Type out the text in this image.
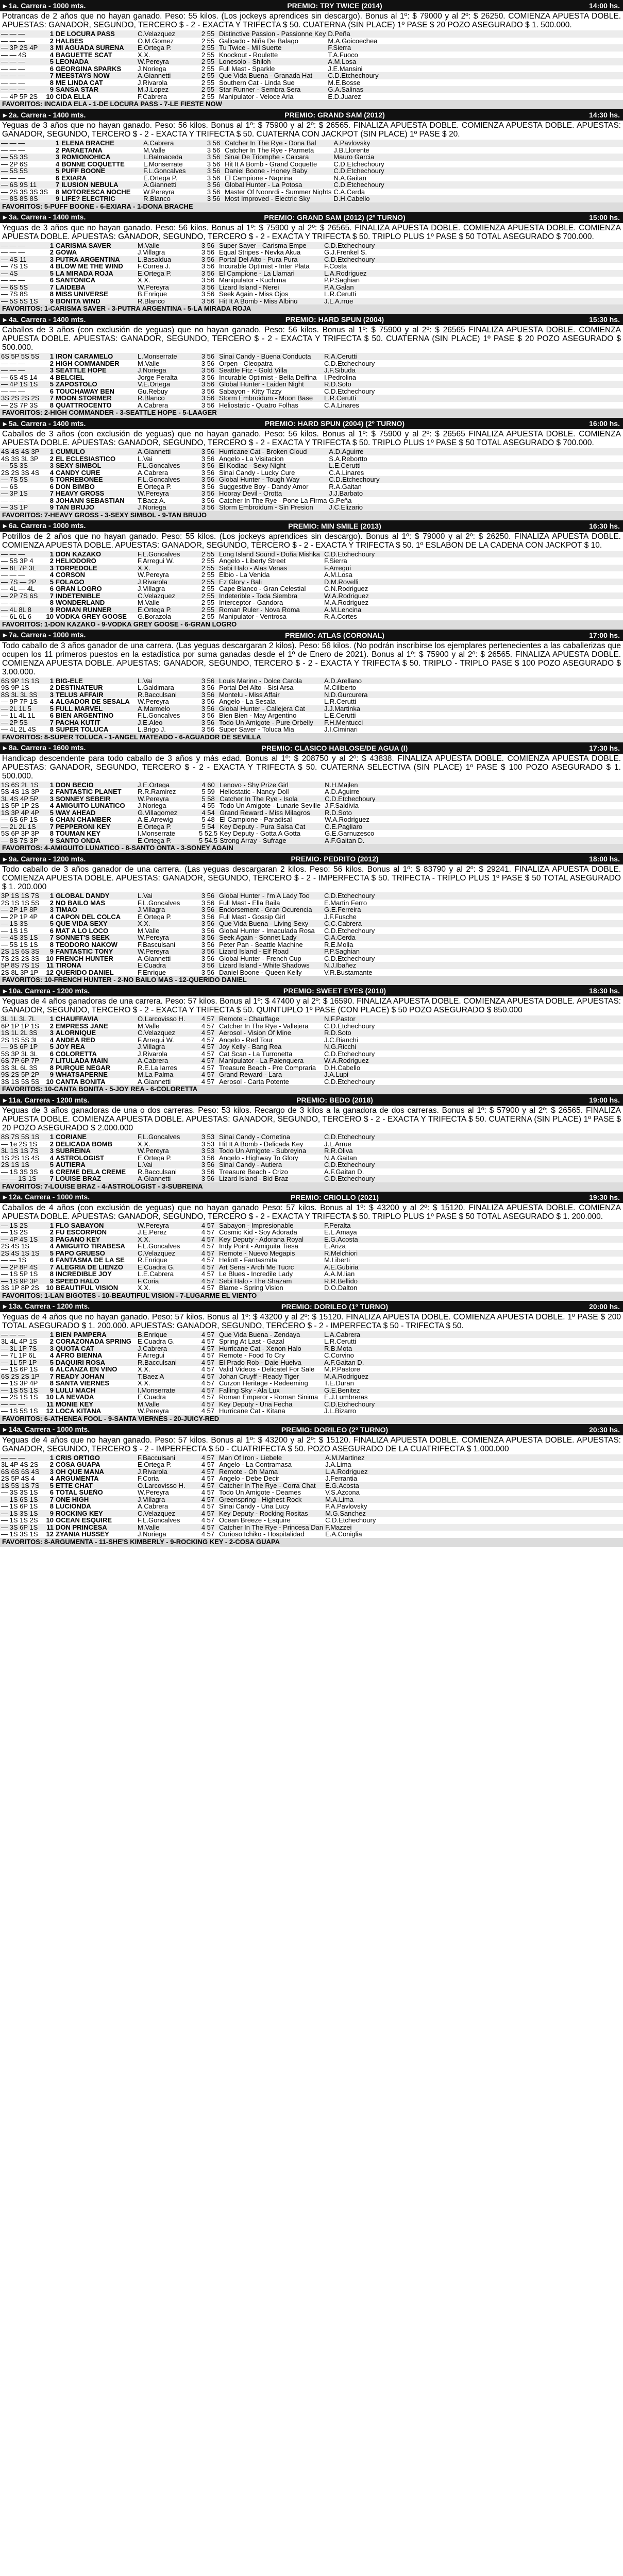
▸ 1a. Carrera - 1000 mts.	PREMIO: TRY TWICE (2014)	14:00 hs.
Potrancas de 2 años que no hayan ganado. Peso: 55 kilos. (Los jockeys aprendices sin descargo). Bonus al 1º: $ 79000 y al 2º: $ 26250. COMIENZA APUESTA DOBLE. APUESTAS: GANADOR, SEGUNDO, TERCERO $ - 2 - EXACTA Y TRIFECTA $ 50. CUATERNA (SIN PLACE) 1º PASE $ 20 POZO ASEGURADO $ 1. 500.000.
— — —	1	DE LOCURA PASS	C.Velazquez	2 55	Distinctive Passion - Passionne Key	D.Peña
— — —	2	HALBES	O.M.Gomez	2 55	Galicado - Niña De Balago	M.A.Goicoechea
— 3P 2S 4P	3	MI AGUADA SURENA	E.Ortega P.	2 55	Tu Twice - Mil Suerte	F.Sierra
— — 4S	4	BAGUETTE SCAT	X.X.	2 55	Knockout - Roulette	T.A.Fuoco
— — —	5	LEONADA	W.Pereyra	2 55	Lonesolo - Shiloh	A.M.Losa
— — —	6	GEORGINA SPARKS	J.Noriega	2 55	Full Mast - Sparkle	J.E.Mansini
— — —	7	MEESTAYS NOW	A.Giannetti	2 55	Que Vida Buena - Granada Hat	C.D.Etchechoury
— — —	8	ME LINDA CAT	J.Rivarola	2 55	Southern Cat - Linda Sue	M.E.Bosse
— — —	9	SANSA STAR	M.J.Lopez	2 55	Star Runner - Sembra Sera	G.A.Salinas
— 4P 5P 2S	10	CIDA ELLA	F.Cabrera	2 55	Manipulator - Veloce Aria	E.D.Juarez
FAVORITOS: INCAIDA ELA - 1-DE LOCURA PASS - 7-LE FIESTE NOW
▸ 2a. Carrera - 1400 mts.	PREMIO: GRAND SAM (2012)	14:30 hs.
Yeguas de 3 años que no hayan ganado. Peso: 56 kilos. Bonus al 1º: $ 75900 y al 2º: $ 26565. FINALIZA APUESTA DOBLE. COMIENZA APUESTA DOBLE. APUESTAS: GANADOR, SEGUNDO, TERCERO $ - 2 - EXACTA Y TRIFECTA $ 50. CUATERNA CON JACKPOT (SIN PLACE) 1º PASE $ 20.
— — —	1	ELENA BRACHE	A.Cabrera	3 56	Catcher In The Rye - Dona Bal	A.Pavlovsky
— — —	2	PARAETANA	M.Valle	3 56	Catcher In The Rye - Parmeta	J.B.Llorente
— 5S 3S	3	ROMIONOHICA	L.Balmaceda	3 56	Sinai De Triomphe - Caicara	Mauro Garcia
— 2P 6S	4	BONNE COQUETTE	L.Monserrate	3 56	Hit It A Bomb - Grand Coquette	C.D.Etchechoury
— 5S 5S	5	PUFF BOONE	F.L.Goncalves	3 56	Daniel Boone - Honey Baby	C.D.Etchechoury
— — —	6	EXIARA	E.Ortega P.	3 56	El Campione - Naprina	N.A.Gaitan
— 6S 9S 11	7	ILUSION NEBULA	A.Giannetti	3 56	Global Hunter - La Potosa	C.D.Etchechoury
— 2S 3S 3S 3S	8	MOTORESCA NOCHE	W.Pereyra	3 56	Master Of Noonrdi - Summer Nights	C.A.Cerda
— 8S 8S 8S	9	LIFE? ELECTRIC	R.Blanco	3 56	Most Improved - Electric Sky	D.H.Cabello
FAVORITOS: 5-PUFF BOONE - 6-EXIARA - 1-DONA BRACHE
▸ 3a. Carrera - 1400 mts.	PREMIO: GRAND SAM (2012) (2º TURNO)	15:00 hs.
Yeguas de 3 años que no hayan ganado. Peso: 56 kilos. Bonus al 1º: $ 75900 y al 2º: $ 26565. FINALIZA APUESTA DOBLE. COMIENZA APUESTA DOBLE. COMIENZA APUESTA DOBLE. APUESTAS: GANADOR, SEGUNDO, TERCERO $ - 2 - EXACTA Y TRIFECTA $ 50. TRIPLO PLUS 1º PASE $ 50 TOTAL ASEGURADO $ 700.000.
— — —	1	CARISMA SAVER	M.Valle	3 56	Super Saver - Carisma Empe	C.D.Etchechoury
— — —	2	GOWA	J.Villagra	3 56	Equal Stripes - Nevka Akua	G.J.Frenkel S.
— 4S 11	3	PUTRA ARGENTINA	L.Basaldua	3 56	Portal Del Alto - Pura Pura	C.D.Etchechoury
— 7S 1S	4	BLOW ME THE WIND	F.Correa J.	3 56	Incurable Optimist - Inter Plata	F.Costa
— 4S	5	LA MIRADA ROJA	E.Ortega P.	3 56	El Campione - La Llamari	L.A.Rodriguez
— — —	6	SANTONICA	X.X.	3 56	Manipulator - Kuchima	P.P.Saghian
— 6S 5S	7	LAIDEBA	W.Pereyra	3 56	Lizard Island - Nerei	P.A.Galan
— 7S 8S	8	MISS UNIVERSE	B.Enrique	3 56	Seek Again - Miss Ojos	L.R.Cerutti
— 5S 5S 1S	9	BONITA WIND	R.Blanco	3 56	Hit It A Bomb - Miss Albinu	J.L.A.rrue
FAVORITOS: 1-CARISMA SAVER - 3-PUTRA ARGENTINA - 5-LA MIRADA ROJA
▸ 4a. Carrera - 1400 mts.	PREMIO: HARD SPUN (2004)	15:30 hs.
Caballos de 3 años (con exclusión de yeguas) que no hayan ganado. Peso: 56 kilos. Bonus al 1º: $ 75900 y al 2º: $ 26565 FINALIZA APUESTA DOBLE. COMIENZA APUESTA DOBLE. APUESTAS: GANADOR, SEGUNDO, TERCERO $ - 2 - EXACTA Y TRIFECTA $ 50. CUATERNA (SIN PLACE) 1º PASE $ 20 POZO ASEGURADO $ 500.000.
6S 5P 5S 5S	1	IRON CARAMELO	L.Monserrate	3 56	Sinai Candy - Buena Conducta	R.A.Cerutti
— — —	2	HIGH COMMANDER	M.Valle	3 56	Orpen - Cleopatra	C.D.Etchechoury
— — —	3	SEATTLE HOPE	J.Noriega	3 56	Seattle Fitz - Gold Villa	J.F.Sibuda
— 6S 4S 14	4	BELCIEL	Jorge Peralta	3 56	Incurable Optimist - Bella Delfina	I.Pedrolina
— 4P 1S 1S	5	ZAPOSTOLO	V.E.Ortega	3 56	Global Hunter - Laiden Night	R.D.Soto
— — —	6	TOUCHAWAY BEN	Gu.Rebuy	3 56	Sabayon - Kitty Tizzy	C.D.Etchechoury
3S 2S 2S 2S	7	MOON STORMER	R.Blanco	3 56	Storm Embroidum - Moon Base	L.R.Cerutti
— 2S 7P 3S	8	QUATTROCENTO	A.Cabrera	3 56	Heliostatic - Quatro Folhas	C.A.Linares
FAVORITOS: 2-HIGH COMMANDER - 3-SEATTLE HOPE - 5-LAAGER
▸ 5a. Carrera - 1400 mts.	PREMIO: HARD SPUN (2004) (2º TURNO)	16:00 hs.
Caballos de 3 años (con exclusión de yeguas) que no hayan ganado. Peso: 56 kilos. Bonus al 1º: $ 75900 y al 2º: $ 26565 FINALIZA APUESTA DOBLE. COMIENZA APUESTA DOBLE. APUESTAS: GANADOR, SEGUNDO, TERCERO $ - 2 - EXACTA Y TRIFECTA $ 50. TRIPLO PLUS 1º PASE $ 50 TOTAL ASEGURADO $ 700.000.
4S 4S 4S 3P	1	CUMULO	A.Giannetti	3 56	Hurricane Cat - Broken Cloud	A.D.Aguirre
4S 3S 3L 3P	2	EL ECLESIASTICO	L.Vai	3 56	Angelo - La Visitacion	S.A.Rebortto
— 5S 3S	3	SEXY SIMBOL	F.L.Goncalves	3 56	El Kodiac - Sexy Night	L.E.Cerutti
2S 2S 3S 4S	4	CANDY CURE	A.Cabrera	3 56	Sinai Candy - Lucky Cure	C.A.Linares
— 7S 5S	5	TORREBONEE	F.L.Goncalves	3 56	Global Hunter - Tough Way	C.D.Etchechoury
— 6S	6	DON BIMBO	E.Ortega P.	3 56	Suggestive Boy - Dandy Amor	R.A.Gaitan
— 3P 1S	7	HEAVY GROSS	W.Pereyra	3 56	Hooray Devil - Orotta	J.J.Barbato
— — —	8	JOHANN SEBASTIAN	T.Bacz A.	3 56	Catcher In The Rye - Pone La Firma	G.Peña
— 3S 1P	9	TAN BRUJO	J.Noriega	3 56	Storm Embroidum - Sin Presion	J.C.Elizario
FAVORITOS: 7-HEAVY GROSS - 3-SEXY SIMBOL - 9-TAN BRUJO
▸ 6a. Carrera - 1000 mts.	PREMIO: MIN SMILE (2013)	16:30 hs.
Potrillos de 2 años que no hayan ganado. Peso: 55 kilos. (Los jockeys aprendices sin descargo). Bonus al 1º: $ 79000 y al 2º: $ 26250. FINALIZA APUESTA DOBLE. COMIENZA APUESTA DOBLE. APUESTAS: GANADOR, SEGUNDO, TERCERO $ - 2 - EXACTA Y TRIFECTA $ 50. 1º ESLABON DE LA CADENA CON JACKPOT $ 10.
— — —	1	DON KAZAKO	F.L.Goncalves	2 55	Long Island Sound - Doña Mishka	C.D.Etchechoury
— 5S 3P 4	2	HELIODORO	F.Arregui W.	2 55	Angelo - Liberty Street	F.Sierra
— 8L 7P 3L	3	TORPEDOLE	X.X.	2 55	Sebi Halo - Alas Venas	F.Arregui
— — —	4	CORSON	W.Pereyra	2 55	Elbio - La Venida	A.M.Losa
— 7S — 2P	5	FOLAGO	J.Rivarola	2 55	Ez Glory - Bali	D.M.Rovelli
— 4L — 4L	6	GRAN LOGRO	J.Villagra	2 55	Cape Blanco - Gran Celestial	C.N.Rodriguez
— 2P 7S 6S	7	INDETENIBLE	C.Velazquez	2 55	Indeterible - Toda Siembra	W.A.Rodriguez
— — —	8	WONDERLAND	M.Valle	2 55	Interceptor - Gandora	M.A.Rodriguez
— 4L 8L 8	9	ROMAN RUNNER	E.Ortega P.	2 55	Roman Ruler - Nova Roma	A.M.Lencina
— 6L 6L 6	10	VODKA GREY GOOSE	G.Borazola	2 55	Manipulator - Ventrosa	R.A.Cortes
FAVORITOS: 1-DON KAZAKO - 9-VODKA GREY GOOSE - 6-GRAN LOGRO
▸ 7a. Carrera - 1000 mts.	PREMIO: ATLAS (CORONAL)	17:00 hs.
Todo caballo de 3 años ganador de una carrera. (Las yeguas descargaran 2 kilos). Peso: 56 kilos. (No podrán inscribirse los ejemplares pertenecientes a las caballerizas que ocupen los 11 primeros puestos en la estadística por suma ganadas desde el 1º de Enero de 2021). Bonus al 1º: $ 75900 y al 2º: $ 26565. FINALIZA APUESTA DOBLE. COMIENZA APUESTA DOBLE. APUESTAS: GANADOR, SEGUNDO, TERCERO $ - 2 - EXACTA Y TRIFECTA $ 50. TRIPLO - TRIPLO PASE $ 100 POZO ASEGURADO $ 3.00.000.
6S 9P 1S 1S	1	BIG-ELE	L.Vai	3 56	Louis Marino - Dolce Carola	A.D.Arellano
9S 9P 1S	2	DESTINATEUR	L.Galdimara	3 56	Portal Del Alto - Sisi Arsa	M.Ciliberto
8S 3L 3L 3S	3	TELUS AFFAIR	R.Bacculsani	3 56	Montelu - Miss Affair	N.D.Gurcurera
— 9P 7P 1S	4	ALGADOR DE SESALA	W.Pereyra	3 56	Angelo - La Sesala	L.R.Cerutti
— 2L 1L 5	5	FULL MARVEL	A.Marmelo	3 56	Global Hunter - Callejera Cat	J.J.Martinka
— 1L 4L 1L	6	BIEN ARGENTINO	F.L.Goncalves	3 56	Bien Bien - May Argentino	L.E.Cerutti
— 2P 5S	7	PACHA KUTIT	J.E.Aleo	3 56	Todo Un Amigote - Pure Orbelly	F.H.Mentucci
— 4L 2L 4S	8	SUPER TOLUCA	L.Brigo J.	3 56	Super Saver - Toluca Mia	J.I.Ciminari
FAVORITOS: 8-SUPER TOLUCA - 1-ANGEL MATEADO - 6-AGUADOR DE SEVILLA
▸ 8a. Carrera - 1600 mts.	PREMIO: CLASICO HABLOSE/DE AGUA (I)	17:30 hs.
Handicap descendente para todo caballo de 3 años y más edad. Bonus al 1º: $ 208750 y al 2º: $ 43838. FINALIZA APUESTA DOBLE. COMIENZA APUESTA DOBLE. APUESTAS: GANADOR, SEGUNDO, TERCERO $ - 2 - EXACTA Y TRIFECTA $ 50. CUATERNA SELECTIVA (SIN PLACE) 1º PASE $ 100 POZO ASEGURADO $ 1. 500.000.
1S 6S 2L 1S	1	DON BECIO	J.E.Ortega	4 60	Lenovo - Shy Prize Girl	N.H.Majlen
5S 4S 1S 3P	2	FANTASTIC PLANET	R.R.Ramirez	5 59	Heliostatic - Nancy Doll	A.D.Aguirre
3L 4S 4P 5P	3	SONNEY SEBEIR	W.Pereyra	5 58	Catcher In The Rye - Isola	C.D.Etchechoury
1S 5P 1P 2S	4	AMIGUITO LUNATICO	J.Noriega	4 55	Todo Un Amigote - Lunarie Seville	J.F.Saldivia
1S 3P 4P 4P	5	WAY AHEAD	G.Villagomez	4 54	Grand Reward - Miss Milagros	R.D.Soto
— 6S 6P 1S	6	CHAN CHAMBER	A.E.Arrewig	5 48	El Campione - Paradisal	W.A.Rodriguez
— 2L 2L 1S	7	PEPPERONI KEY	E.Ortega P.	5 54	Key Deputy - Pura Salsa Cat	C.E.Pagliaro
5S 6P 3P 3P	8	TOUMAN KEY	I.Monserrate	5 52.5	Key Deputy - Gotta A Gotta	G.E.Garnuzesco
— 8S 7S 3P	9	SANTO ONDA	E.Ortega P.	5 54.5	Strong Array - Sufrage	A.F.Gaitan D.
FAVORITOS: 4-AMIGUITO LUNATICO - 8-SANTO ONTA - 3-SONEY AGAIN
▸ 9a. Carrera - 1200 mts.	PREMIO: PEDRITO (2012)	18:00 hs.
Todo caballo de 3 años ganador de una carrera. (Las yeguas descargaran 2 kilos. Peso: 56 kilos. Bonus al 1º: $ 83790 y al 2º: $ 29241. FINALIZA APUESTA DOBLE. COMIENZA APUESTA DOBLE. APUESTAS: GANADOR, SEGUNDO, TERCERO $ - 2 - IMPERFECTA $ 50. TRIFECTA - TRIPLO PLUS 1º PASE $ 50 TOTAL ASEGURADO $ 1. 200.000
3P 1S 1S 7S	1	GLOBAL DANDY	L.Vai	3 56	Global Hunter - I'm A Lady Too	C.D.Etchechoury
2S 1S 1S 5S	2	NO BAILO MAS	F.L.Goncalves	3 56	Full Mast - Ella Baila	E.Martin Ferro
— 2P 1P 8P	3	TIMAO	J.Villagra	3 56	Endorsement - Gran Ocurencia	G.E.Ferreira
— 2P 1P 4P	4	CAPON DEL COLCA	E.Ortega P.	3 56	Full Mast - Gossip Girl	J.F.Fusche
— 1S 3S	5	QUE VIDA SEXY	X.X.	3 56	Que Vida Buena - Living Sexy	C.C.Cabrera
— 1S 1S	6	MAT A LO LOCO	M.Valle	3 56	Global Hunter - Imaculada Rosa	C.D.Etchechoury
— 4S 3S 1S	7	SONNET'S SEEK	W.Pereyra	3 56	Seek Again - Sonnet Lady	C.A.Cerda
— 5S 1S 1S	8	TEODORO NAKOW	F.Basculsani	3 56	Peter Pan - Seattle Machine	R.E.Molla
2S 1S 6S 3S	9	FANTASTIC TONY	W.Pereyra	3 56	Lizard Island - Elf Road	P.P.Saghian
7S 2S 2S 3S	10	FRENCH HUNTER	A.Giannetti	3 56	Global Hunter - French Cup	C.D.Etchechoury
5P 8S 7S 1S	11	TIRONA	E.Cuadra	3 56	Lizard Island - White Shadows	N.J.Ibañez
2S 8L 3P 1P	12	QUERIDO DANIEL	F.Enrique	3 56	Daniel Boone - Queen Kelly	V.R.Bustamante
FAVORITOS: 10-FRENCH HUNTER - 2-NO BAILO MAS - 12-QUERIDO DANIEL
▸ 10a. Carrera - 1200 mts.	PREMIO: SWEET EYES (2010)	18:30 hs.
Yeguas de 4 años ganadoras de una carrera. Peso: 57 kilos. Bonus al 1º: $ 47400 y al 2º: $ 16590. FINALIZA APUESTA DOBLE. COMIENZA APUESTA DOBLE. APUESTAS: GANADOR, SEGUNDO, TERCERO $ - 2 - EXACTA Y TRIFECTA $ 50. QUINTUPLO 1º PASE (CON PLACE) $ 50 POZO ASEGURADO $ 850.000
3L 1L 3L 7L	1	CHAUFFAVIA	O.Larcovisso H.	4 57	Remote - Chauffage	N.F.Pastor
6P 1P 1P 1S	2	EMPRESS JANE	M.Valle	4 57	Catcher In The Rye - Vallejera	C.D.Etchechoury
1S 1L 2L 3S	3	ALORNIQUE	C.Velazquez	4 57	Aerosol - Vision Of Mine	R.D.Soto
2S 1S 5S 3L	4	ANDEA RED	F.Arregui W.	4 57	Angelo - Red Tour	J.C.Bianchi
— 9S 6P 1P	5	JOY REA	J.Villagra	4 57	Joy Kelly - Bang Rea	N.G.Ricchi
5S 3P 3L 3L	6	COLORETTA	J.Rivarola	4 57	Cat Scan - La Turronetta	C.D.Etchechoury
6S 7P 6P 7P	7	LITULADA MAIN	A.Cabrera	4 57	Manipulator - La Palenquera	W.A.Rodriguez
3S 3L 6L 3S	8	PURQUE NEGAR	R.E.La Iarres	4 57	Treasure Beach - Pre Compraria	D.H.Cabello
9S 2S 5P 2P	9	WHATSAPERNE	M.La Palma	4 57	Grand Reward - Lara	J.A.Lupi
3S 1S 5S 5S	10	CANTA BONITA	A.Giannetti	4 57	Aerosol - Carta Potente	C.D.Etchechoury
FAVORITOS: 10-CANTA BONITA - 5-JOY REA - 6-COLORETTA
▸ 11a. Carrera - 1200 mts.	PREMIO: BEDO (2018)	19:00 hs.
Yeguas de 3 años ganadoras de una o dos carreras. Peso: 53 kilos. Recargo de 3 kilos a la ganadora de dos carreras. Bonus al 1º: $ 57900 y al 2º: $ 26565. FINALIZA APUESTA DOBLE. COMIENZA APUESTA DOBLE. APUESTAS: GANADOR, SEGUNDO, TERCERO $ - 2 - EXACTA Y TRIFECTA $ 50. CUATERNA (SIN PLACE) 1º PASE $ 20 POZO ASEGURADO $ 2.000.000
8S 7S 5S 1S	1	CORIANE	F.L.Goncalves	3 53	Sinai Candy - Cornetina	C.D.Etchechoury
— 1e 2S 1S	2	DELICADA BOMB	X.X.	3 53	Hit It A Bomb - Delicada Key	J.L.Arrue
3L 1S 1S 7S	3	SUBREINA	W.Pereyra	3 53	Todo Un Amigote - Subreyina	R.R.Oliva
1S 2S 1S 4S	4	ASTROLOGIST	E.Ortega P.	3 56	Angelo - Highway To Glory	N.A.Gaitan
2S 1S 1S	5	AUTIERA	L.Vai	3 56	Sinai Candy - Autiera	C.D.Etchechoury
— 1S 3S 3S	6	CREME DELA CREME	R.Bacculsani	3 56	Treasure Beach - Crizo	A.F.Gaitan D.
— — 1S 1S	7	LOUISE BRAZ	A.Giannetti	3 56	Lizard Island - Bid Braz	C.D.Etchechoury
FAVORITOS: 7-LOUISE BRAZ - 4-ASTROLOGIST - 3-SUBREINA
▸ 12a. Carrera - 1000 mts.	PREMIO: CRIOLLO (2021)	19:30 hs.
Caballos de 4 años (con exclusión de yeguas) que no hayan ganado Peso: 57 kilos. Bonus al 1º: $ 43200 y al 2º: $ 15120. FINALIZA APUESTA DOBLE. COMIENZA APUESTA DOBLE. APUESTAS: GANADOR, SEGUNDO, TERCERO $ - 2 - EXACTA Y TRIFECTA $ 50. TRIPLO PLUS 1º PASE $ 50 TOTAL ASEGURADO $ 1. 200.000.
— 1S 2S	1	FLO SABAYON	W.Pereyra	4 57	Sabayon - Impresionable	F.Peralta
— 1S 2S	2	FU ESCORPION	J.E.Perez	4 57	Cosmic Kid - Soy Adorada	E.L.Amaya
— 4P 4S 1S	3	PAGANO KEY	X.X.	4 57	Key Deputy - Adorana Royal	E.G.Acosta
2S 4S 1S	4	AMIGUITO TIRABESA	F.L.Goncalves	4 57	Indy Point - Amiguita Tiesa	E.Ariza
2S 4S 1S 1S	5	PAPO GRUESO	C.Velazquez	4 57	Remote - Nuevo Megapis	R.Melchiori
— — 1S	6	FANTASMA DE LA SE	R.Enrique	4 57	Heliott - Fantasmita	M.Liberti
— 2P 8P 4S	7	ALEGRIA DE LIENZO	E.Cuadra G.	4 57	Art Sena - Arch Me Tucrc	A.E.Gubiria
— 1S 5P 1S	8	INCREDIBLE JOY	L.E.Cabrera	4 57	Le Blues - Incredile Lady	A.A.M.lian
— 1S 9P 3P	9	SPEED HALO	F.Coria	4 57	Sebi Halo - The Shazam	R.R.Bellido
3S 1P 8P 2S	10	BEAUTIFUL VISION	X.X.	4 57	Blame - Spring Vision	D.O.Dalton
FAVORITOS: 1-LAN BIGOTES - 10-BEAUTIFUL VISION - 7-LUGARME EL VIENTO
▸ 13a. Carrera - 1200 mts.	PREMIO: DORILEO (1º TURNO)	20:00 hs.
Yeguas de 4 años que no hayan ganado. Peso: 57 kilos. Bonus al 1º: $ 43200 y al 2º: $ 15120. FINALIZA APUESTA DOBLE. COMIENZA APUESTA DOBLE. 1º PASE $ 200 TOTAL ASEGURADO $ 1. 200.000. APUESTAS: GANADOR, SEGUNDO, TERCERO $ - 2 - IMPERFECTA $ 50 - TRIFECTA $ 50.
— — —	1	BIEN PAMPERA	B.Enrique	4 57	Que Vida Buena - Zendaya	L.A.Cabrera
3L 4L 4P 1S	2	CORAZONADA SPRING	E.Cuadra G.	4 57	Spring At Last - Gazal	L.R.Cerutti
— 3L 1P 7S	3	QUOTA CAT	J.Cabrera	4 57	Hurricane Cat - Xenon Halo	R.B.Mota
— 7L 1P 6L	4	AFRO BIENNA	F.Arregui	4 57	Remote - Food To Cry	C.Corvino
— 1L 5P 1P	5	DAQUIRI ROSA	R.Bacculsani	4 57	El Prado Rob - Daie Huelva	A.F.Gaitan D.
— 1S 6P 1S	6	ALCANZA EN VINO	X.X.	4 57	Valid Videos - Delicatel For Sale	M.P.Pastore
6S 2S 2S 1P	7	READY JOHAN	T.Baez A	4 57	Johan Cruyff - Ready Tiger	M.A.Rodriguez
— 1S 3P 4P	8	SANTA VIERNES	X.X.	4 57	Curzon Heritage - Redeeming	T.E.Duran
— 1S 5S 1S	9	LULU MACH	I.Monserrate	4 57	Falling Sky - Ala Lux	G.E.Benitez
— 2S 1S 1S	10	LA NEVADA	E.Cuadra	4 57	Roman Emperor - Roman Sinima	E.J.Lumbreras
— — —	11	MONIE KEY	M.Valle	4 57	Key Deputy - Una Fecha	C.D.Etchechoury
— 1S 5S 1S	12	LOCA KITANA	W.Pereyra	4 57	Hurricane Cat - Kitana	J.L.Bizarro
FAVORITOS: 6-ATHENEA FOOL - 9-SANTA VIERNES - 20-JUICY-RED
▸ 14a. Carrera - 1000 mts.	PREMIO: DORILEO (2º TURNO)	20:30 hs.
Yeguas de 4 años que no hayan ganado. Peso: 57 kilos. Bonus al 1º: $ 43200 y al 2º: $ 15120. FINALIZA APUESTA DOBLE. COMIENZA APUESTA DOBLE. APUESTAS: GANADOR, SEGUNDO, TERCERO $ - 2 - IMPERFECTA $ 50 - CUATRIFECTA $ 50. POZO ASEGURADO DE LA CUATRIFECTA $ 1.000.000
— — —	1	CRIS ORTIGO	F.Bacculsani	4 57	Man Of Iron - Liebele	A.M.Martinez
3L 4P 4S 2S	2	COSA GUAPA	E.Ortega P.	4 57	Angelo - La Contramasa	J.A.Lima
6S 6S 6S 4S	3	OH QUE MANA	J.Rivarola	4 57	Remote - Oh Mama	L.A.Rodriguez
2S 5P 4S 4	4	ARGUMENTA	F.Coria	4 57	Angelo - Debe Decir	J.Ferrantia
1S 5S 1S 7S	5	ETTE CHAT	O.Larcovisso H.	4 57	Catcher In The Rye - Corra Chat	E.G.Acosta
— 3S 3S 1S	6	TOTAL SUEÑO	W.Pereyra	4 57	Todo Un Amigote - Deames	V.S.Azcona
— 1S 6S 1S	7	ONE HIGH	J.Villagra	4 57	Greenspring - Highest Rock	M.A.Lima
— 1S 6P 1S	8	LUCIONDA	A.Cabrera	4 57	Sinai Candy - Una Lucy	P.A.Pavlovsky
— 1S 3S 1S	9	ROCKING KEY	C.Velazquez	4 57	Key Deputy - Rocking Rositas	M.G.Sanchez
— 1S 1S 2S	10	OCEAN ESQUIRE	F.L.Goncalves	4 57	Ocean Breeze - Esquire	C.D.Etchechoury
— 3S 6P 1S	11	DON PRINCESA	M.Valle	4 57	Catcher In The Rye - Princesa Dan	F.Mazzei
— 1S 3S 1S	12	ZYANIA HUSSEY	J.Noriega	4 57	Curioso Ichiko - Hospitalidad	E.A.Coniglia
FAVORITOS: 8-ARGUMENTA - 11-SHE'S KIMBERLY - 9-ROCKING KEY - 2-COSA GUAPA
